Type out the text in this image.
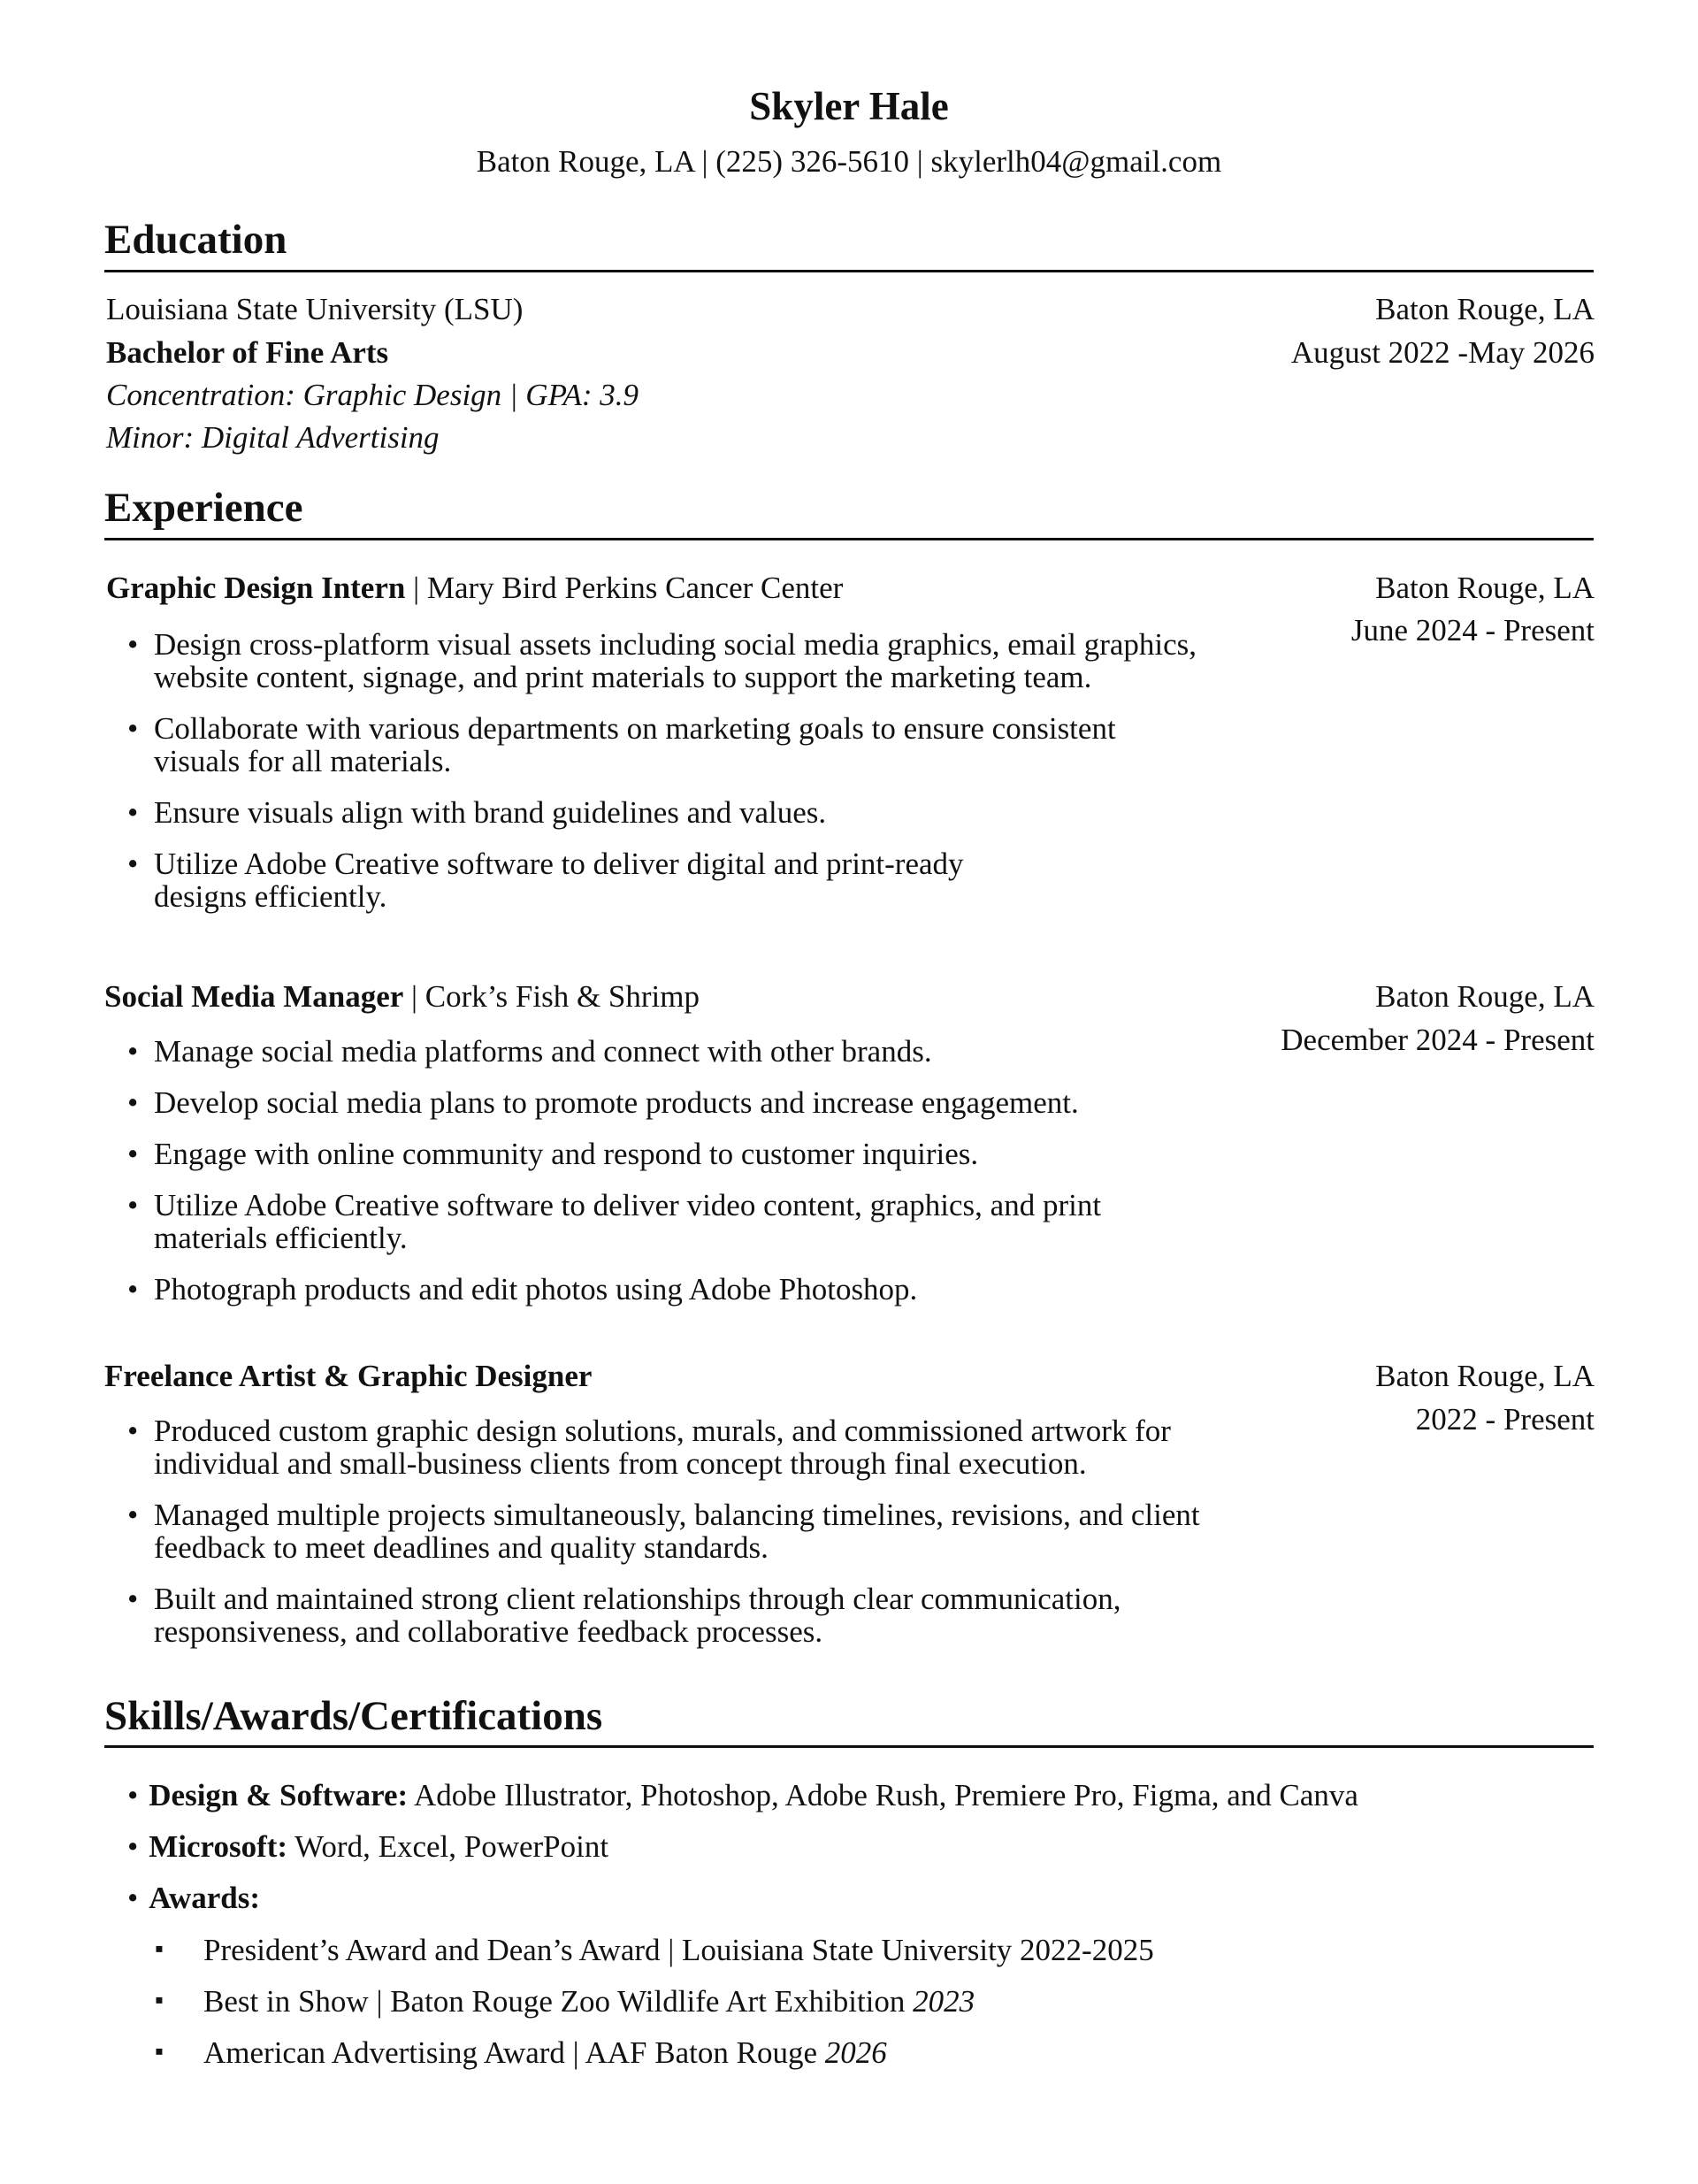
Skyler Hale
Baton Rouge, LA | (225) 326-5610 | skylerlh04@gmail.com
Education
Louisiana State University (LSU)	Baton Rouge, LA
Bachelor of Fine Arts	August 2022 -May 2026
Concentration: Graphic Design | GPA: 3.9
Minor: Digital Advertising
Experience
Graphic Design Intern | Mary Bird Perkins Cancer Center	Baton Rouge, LA
June 2024 - Present
• Design cross-platform visual assets including social media graphics, email graphics, website content, signage, and print materials to support the marketing team.
• Collaborate with various departments on marketing goals to ensure consistent visuals for all materials.
• Ensure visuals align with brand guidelines and values.
• Utilize Adobe Creative software to deliver digital and print-ready designs efficiently.
Social Media Manager | Cork’s Fish & Shrimp	Baton Rouge, LA
December 2024 - Present
• Manage social media platforms and connect with other brands.
• Develop social media plans to promote products and increase engagement.
• Engage with online community and respond to customer inquiries.
• Utilize Adobe Creative software to deliver video content, graphics, and print materials efficiently.
• Photograph products and edit photos using Adobe Photoshop.
Freelance Artist & Graphic Designer	Baton Rouge, LA
2022 - Present
• Produced custom graphic design solutions, murals, and commissioned artwork for individual and small-business clients from concept through final execution.
• Managed multiple projects simultaneously, balancing timelines, revisions, and client feedback to meet deadlines and quality standards.
• Built and maintained strong client relationships through clear communication, responsiveness, and collaborative feedback processes.
Skills/Awards/Certifications
• Design & Software: Adobe Illustrator, Photoshop, Adobe Rush, Premiere Pro, Figma, and Canva
• Microsoft: Word, Excel, PowerPoint
• Awards:
▪ President’s Award and Dean’s Award | Louisiana State University 2022-2025
▪ Best in Show | Baton Rouge Zoo Wildlife Art Exhibition 2023
▪ American Advertising Award | AAF Baton Rouge 2026
